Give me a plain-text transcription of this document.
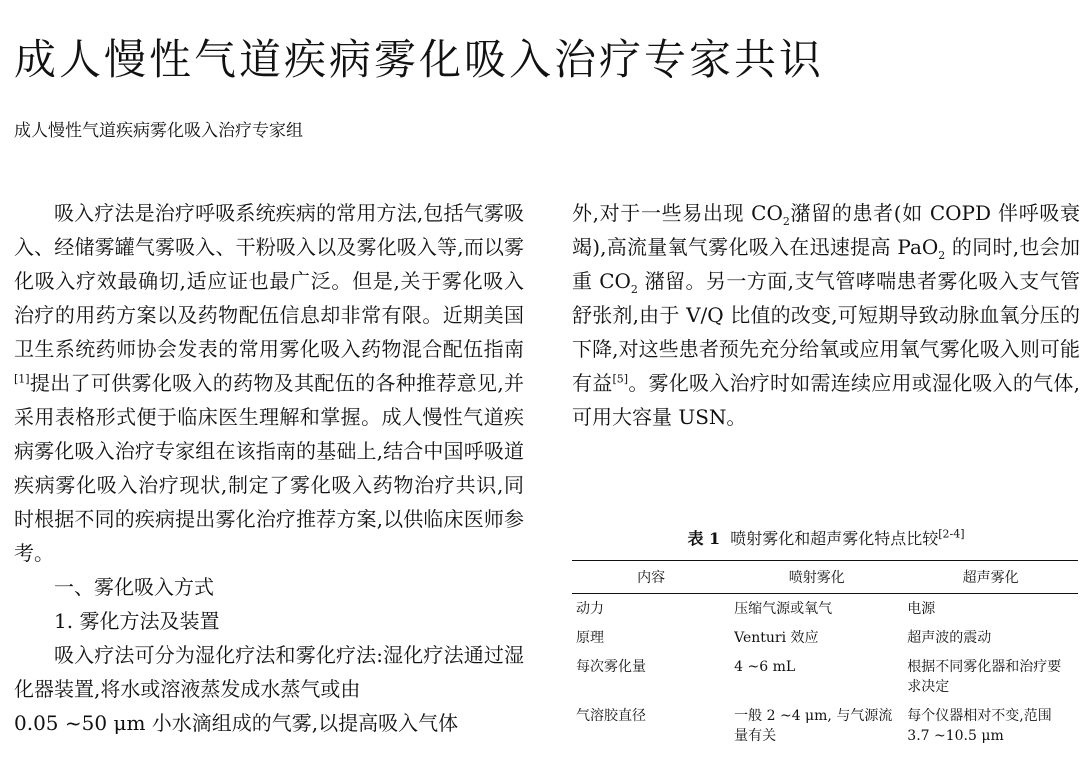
成人慢性气道疾病雾化吸入治疗专家共识
成人慢性气道疾病雾化吸入治疗专家组

吸入疗法是治疗呼吸系统疾病的常用方法,包括气雾吸入、经储雾罐气雾吸入、干粉吸入以及雾化吸入等,而以雾化吸入疗效最确切,适应证也最广泛。但是,关于雾化吸入治疗的用药方案以及药物配伍信息却非常有限。近期美国卫生系统药师协会发表的常用雾化吸入药物混合配伍指南[1]提出了可供雾化吸入的药物及其配伍的各种推荐意见,并采用表格形式便于临床医生理解和掌握。成人慢性气道疾病雾化吸入治疗专家组在该指南的基础上,结合中国呼吸道疾病雾化吸入治疗现状,制定了雾化吸入药物治疗共识,同时根据不同的疾病提出雾化治疗推荐方案,以供临床医师参考。

一、雾化吸入方式

1. 雾化方法及装置

吸入疗法可分为湿化疗法和雾化疗法:湿化疗法通过湿化器装置,将水或溶液蒸发成水蒸气或由

0.05 ~50 μm 小水滴组成的气雾,以提高吸入气体

外,对于一些易出现 $CO_2$潴留的患者(如 COPD 伴呼吸衰竭),高流量氧气雾化吸入在迅速提高 PaO$_2$ 的同时,也会加重 $CO_2$ 潴留。另一方面,支气管哮喘患者雾化吸入支气管舒张剂,由于 V/Q 比值的改变,可短期导致动脉血氧分压的下降,对这些患者预先充分给氧或应用氧气雾化吸入则可能有益[5]。雾化吸入治疗时如需连续应用或湿化吸入的气体,可用大容量 USN。

表 1 喷射雾化和超声雾化特点比较[2-4]
内容	喷射雾化	超声雾化
动力	压缩气源或氧气	电源
原理	Venturi 效应	超声波的震动
每次雾化量	4 ~6 mL	根据不同雾化器和治疗要求决定
气溶胶直径	一般 2 ~4 μm, 与气源流量有关	每个仪器相对不变,范围 3.7 ~10.5 μm
